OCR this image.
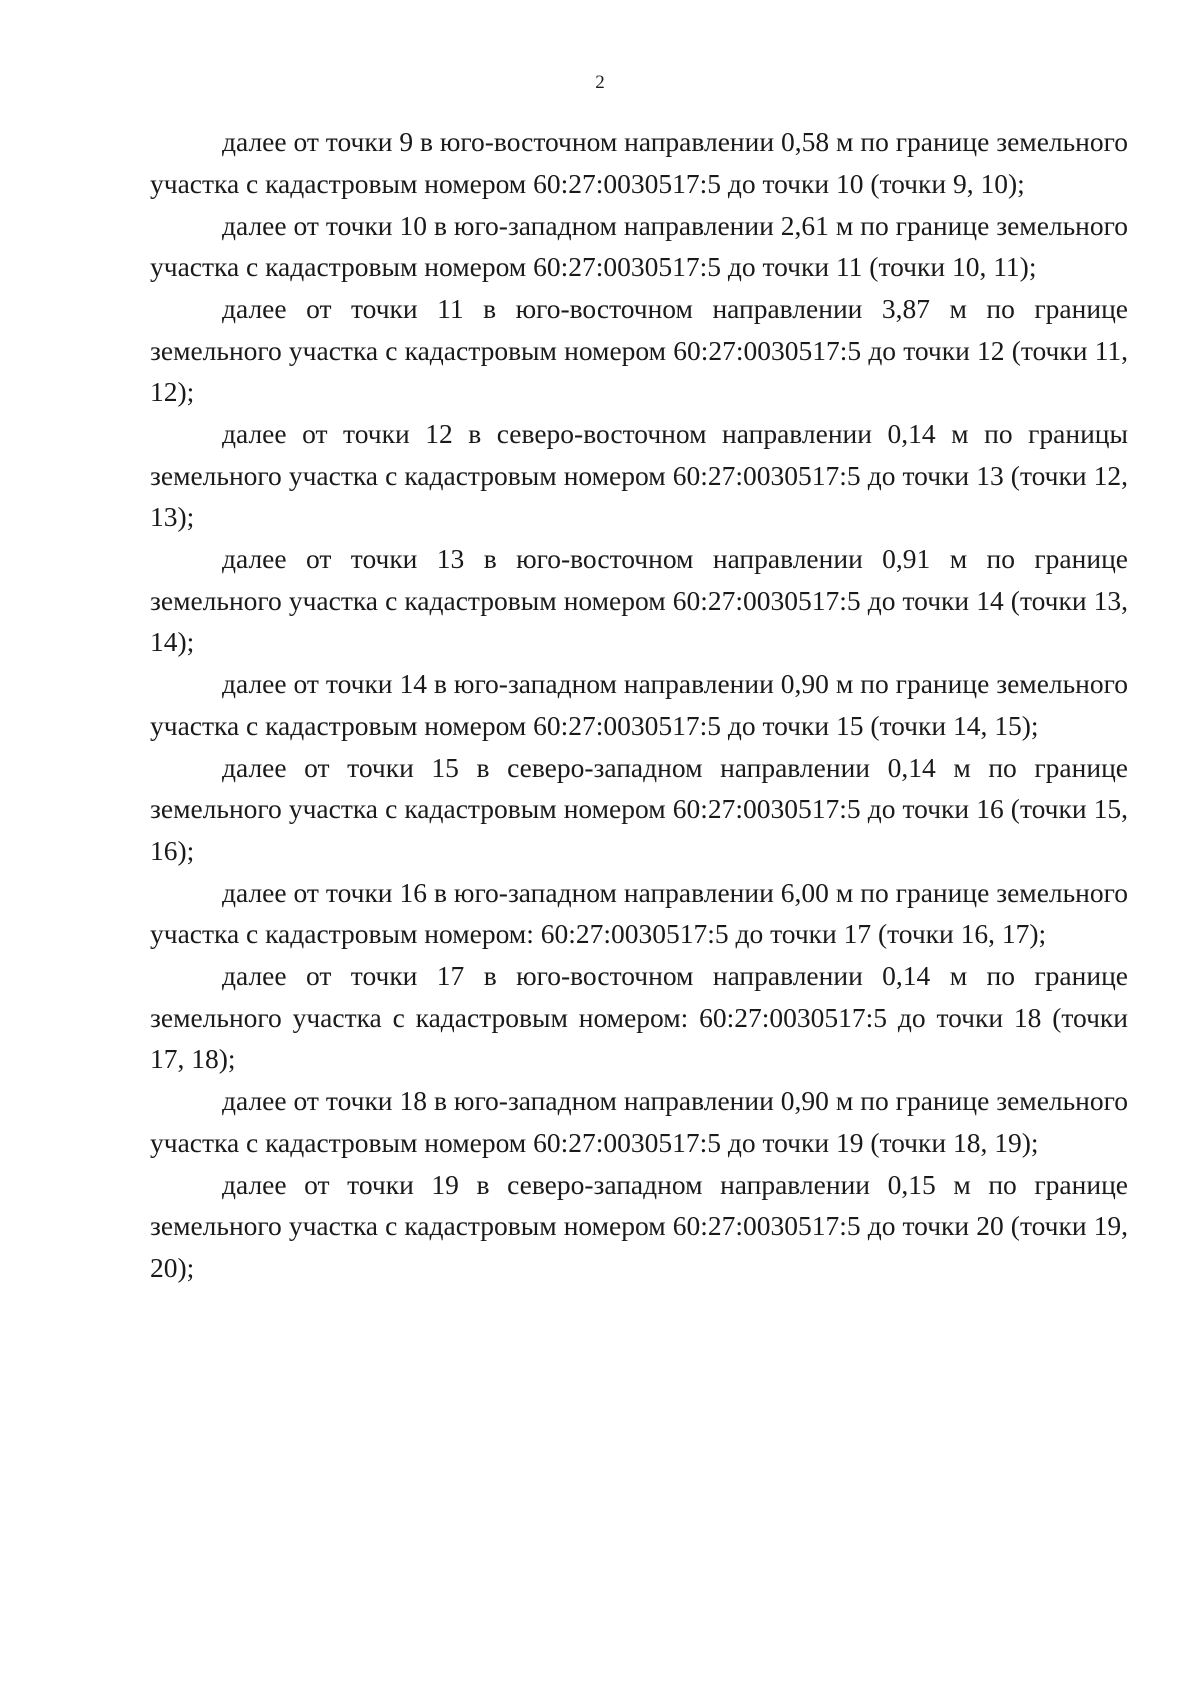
2

далее от точки 9 в юго-восточном направлении 0,58 м по границе земельного участка с кадастровым номером 60:27:0030517:5 до точки 10 (точки 9, 10);

далее от точки 10 в юго-западном направлении 2,61 м по границе земельного участка с кадастровым номером 60:27:0030517:5 до точки 11 (точки 10, 11);

далее от точки 11 в юго-восточном направлении 3,87 м по границе земельного участка с кадастровым номером 60:27:0030517:5 до точки 12 (точки 11, 12);

далее от точки 12 в северо-восточном направлении 0,14 м по границы земельного участка с кадастровым номером 60:27:0030517:5 до точки 13 (точки 12, 13);

далее от точки 13 в юго-восточном направлении 0,91 м по границе земельного участка с кадастровым номером 60:27:0030517:5 до точки 14 (точки 13, 14);

далее от точки 14 в юго-западном направлении 0,90 м по границе земельного участка с кадастровым номером 60:27:0030517:5 до точки 15 (точки 14, 15);

далее от точки 15 в северо-западном направлении 0,14 м по границе земельного участка с кадастровым номером 60:27:0030517:5 до точки 16 (точки 15, 16);

далее от точки 16 в юго-западном направлении 6,00 м по границе земельного участка с кадастровым номером: 60:27:0030517:5 до точки 17 (точки 16, 17);

далее от точки 17 в юго-восточном направлении 0,14 м по границе земельного участка с кадастровым номером: 60:27:0030517:5 до точки 18 (точки 17, 18);

далее от точки 18 в юго-западном направлении 0,90 м по границе земельного участка с кадастровым номером 60:27:0030517:5 до точки 19 (точки 18, 19);

далее от точки 19 в северо-западном направлении 0,15 м по границе земельного участка с кадастровым номером 60:27:0030517:5 до точки 20 (точки 19, 20);
